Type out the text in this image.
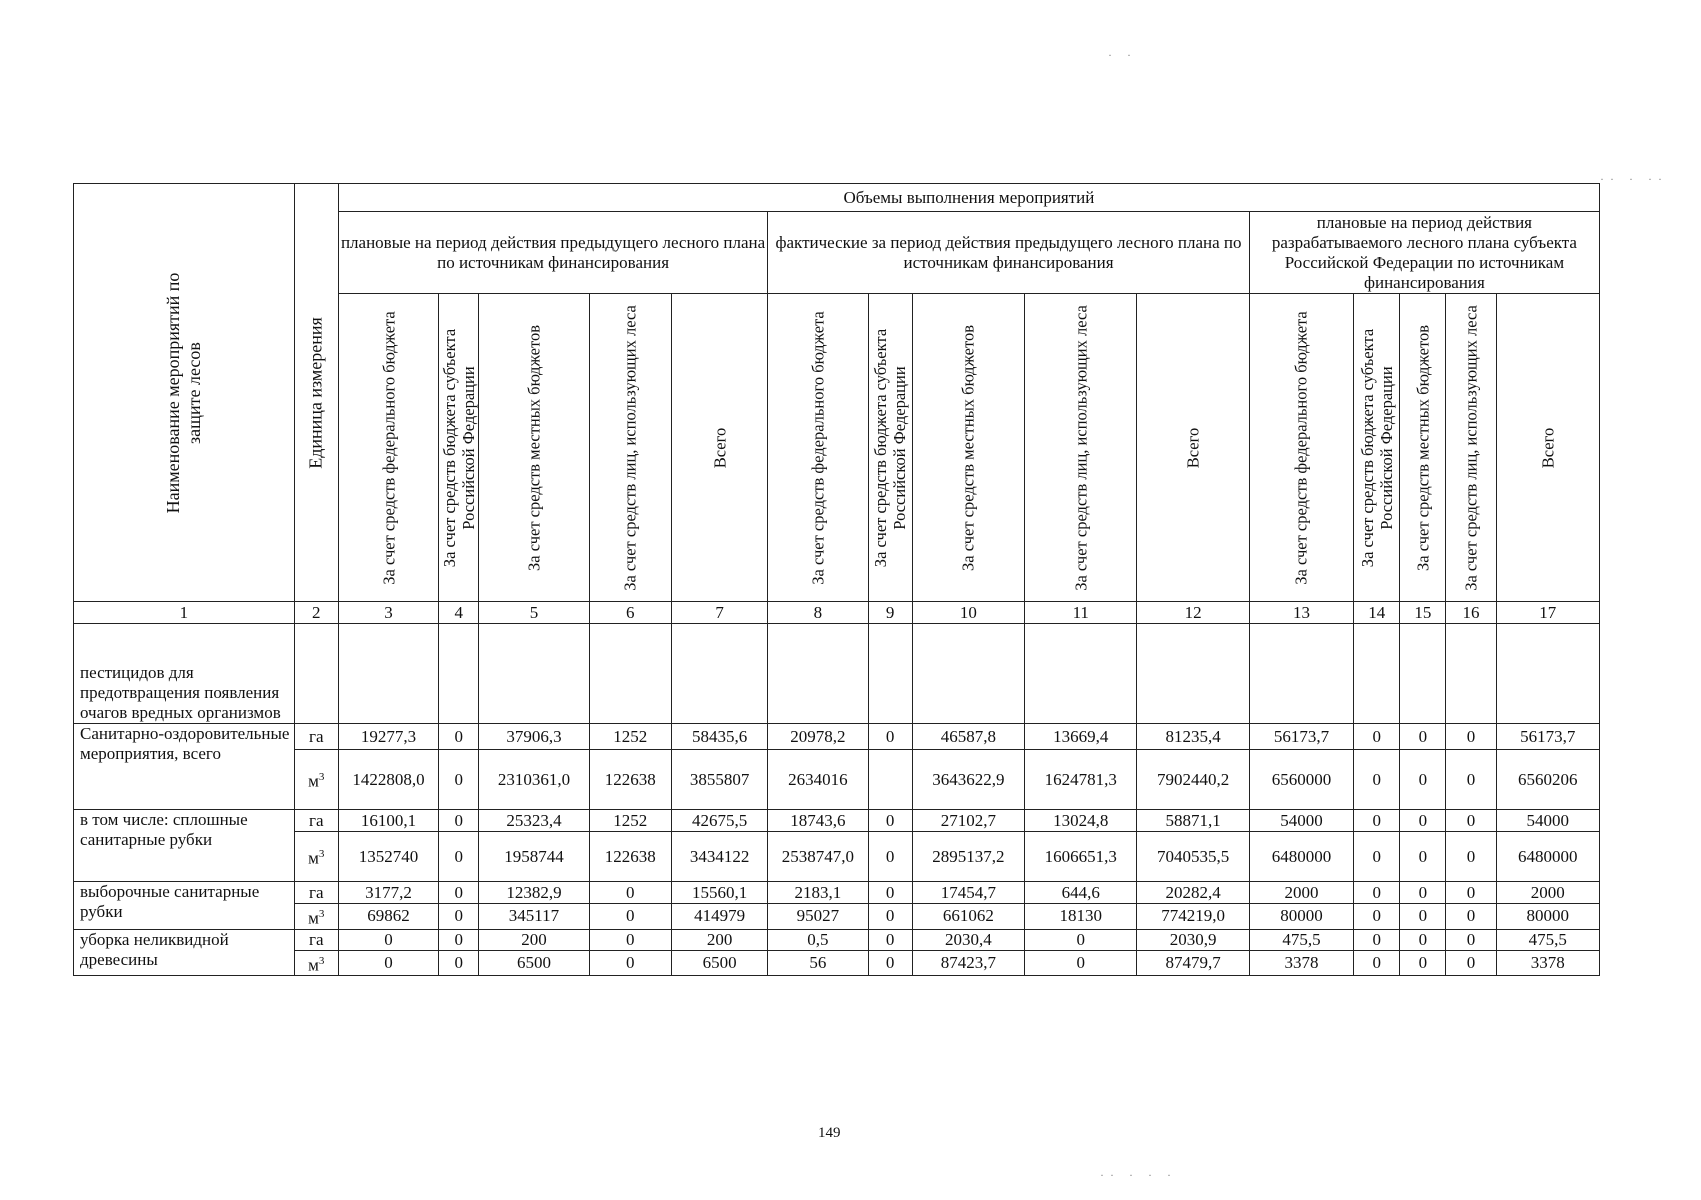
Наименование мероприятий по защите лесов	Единица измерения	Объемы выполнения мероприятий														
		плановые на период действия предыдущего лесного плана по источникам финансирования					фактические за период действия предыдущего лесного плана по источникам финансирования					плановые на период действия разрабатываемого лесного плана субъекта Российской Федерации по источникам финансирования				

		За счет средств федерального бюджета	За счет средств бюджета субъекта Российской Федерации	За счет средств местных бюджетов	За счет средств лиц, использующих леса	Всего	За счет средств федерального бюджета	За счет средств бюджета субъекта Российской Федерации	За счет средств местных бюджетов	За счет средств лиц, использующих леса	Всего	За счет средств федерального бюджета	За счет средств бюджета субъекта Российской Федерации	За счет средств местных бюджетов	За счет средств лиц, использующих леса	Всего

1	2	3	4	5	6	7	8	9	10	11	12	13	14	15	16	17
пестицидов для предотвращения появления очагов вредных организмов																
Санитарно-оздоровительные мероприятия, всего	га	19277,3	0	37906,3	1252	58435,6	20978,2	0	46587,8	13669,4	81235,4	56173,7	0	0	0	56173,7
	$м^3$	1422808,0	0	2310361,0	122638	3855807	2634016		3643622,9	1624781,3	7902440,2	6560000	0	0	0	6560206
в том числе: сплошные санитарные рубки	га	16100,1	0	25323,4	1252	42675,5	18743,6	0	27102,7	13024,8	58871,1	54000	0	0	0	54000
	$м^3$	1352740	0	1958744	122638	3434122	2538747,0	0	2895137,2	1606651,3	7040535,5	6480000	0	0	0	6480000
выборочные санитарные рубки	га	3177,2	0	12382,9	0	15560,1	2183,1	0	17454,7	644,6	20282,4	2000	0	0	0	2000
	$м^3$	69862	0	345117	0	414979	95027	0	661062	18130	774219,0	80000	0	0	0	80000
уборка неликвидной древесины	га	0	0	200	0	200	0,5	0	2030,4	0	2030,9	475,5	0	0	0	475,5
	$м^3$	0	0	6500	0	6500	56	0	87423,7	0	87479,7	3378	0	0	0	3378
·· · ··
· ·
·· · · ·
149
